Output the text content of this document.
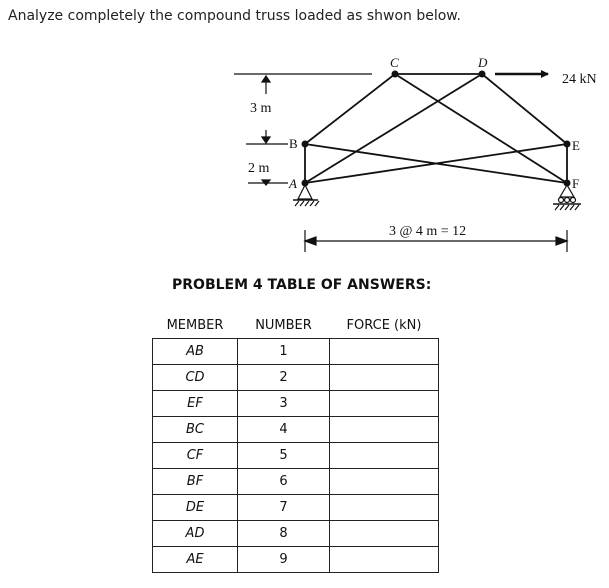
Analyze completely the compound truss loaded as shwon below.
B
A
C	D
E
F
24 kN
3 m
2 m
3 @ 4 m = 12
PROBLEM 4 TABLE OF ANSWERS:
MEMBER	NUMBER	FORCE (kN)
AB	1	
CD	2	
EF	3	
BC	4	
CF	5	
BF	6	
DE	7	
AD	8	
AE	9	
